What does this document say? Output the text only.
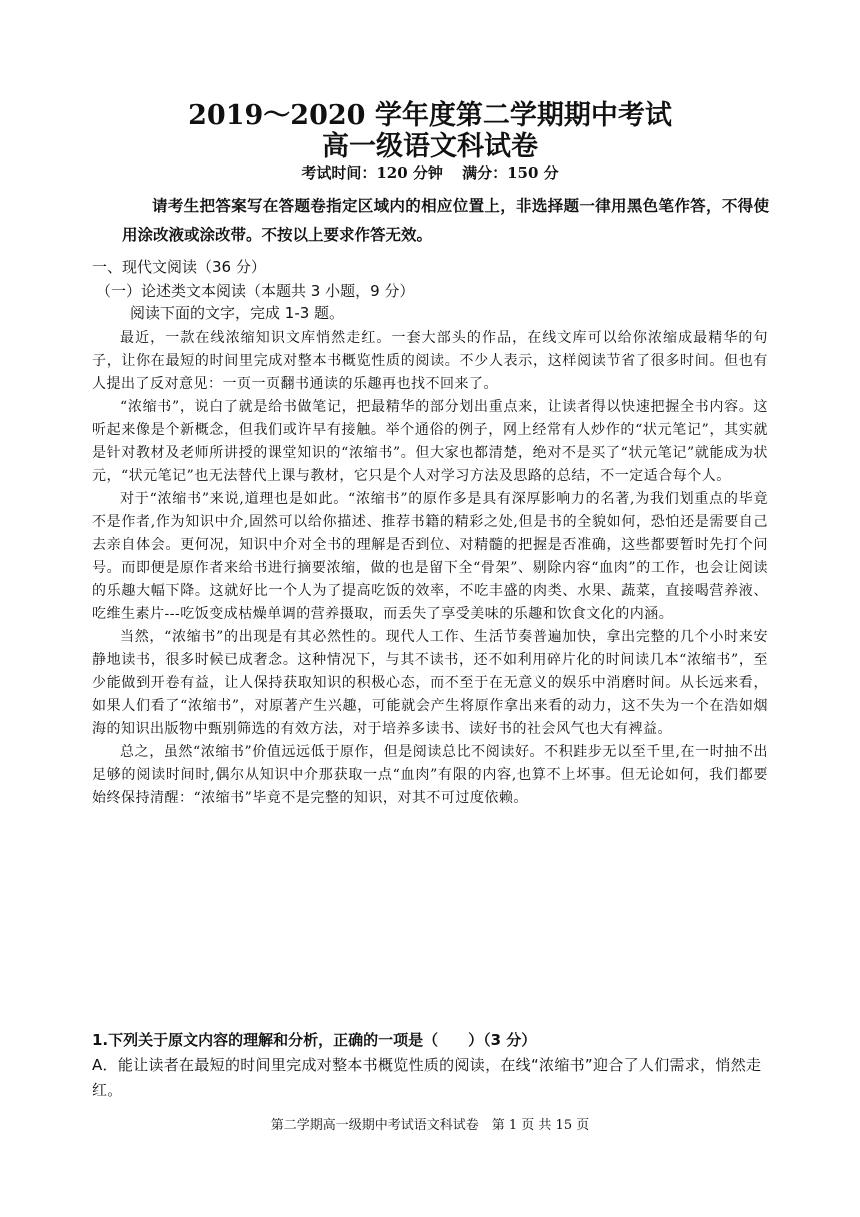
2019～2020 学年度第二学期期中考试
高一级语文科试卷
考试时间：120 分钟 满分：150 分
请考生把答案写在答题卷指定区域内的相应位置上，非选择题一律用黑色笔作答，不得使用涂改液或涂改带。不按以上要求作答无效。
一、现代文阅读（36 分）
（一）论述类文本阅读（本题共 3 小题，9 分）
阅读下面的文字，完成 1-3 题。

最近，一款在线浓缩知识文库悄然走红。一套大部头的作品，在线文库可以给你浓缩成最精华的句子，让你在最短的时间里完成对整本书概览性质的阅读。不少人表示，这样阅读节省了很多时间。但也有人提出了反对意见：一页一页翻书通读的乐趣再也找不回来了。

“浓缩书”，说白了就是给书做笔记，把最精华的部分划出重点来，让读者得以快速把握全书内容。这听起来像是个新概念，但我们或许早有接触。举个通俗的例子，网上经常有人炒作的“状元笔记”，其实就是针对教材及老师所讲授的课堂知识的“浓缩书”。但大家也都清楚，绝对不是买了“状元笔记”就能成为状元，“状元笔记”也无法替代上课与教材，它只是个人对学习方法及思路的总结，不一定适合每个人。

对于“浓缩书”来说,道理也是如此。“浓缩书”的原作多是具有深厚影响力的名著,为我们划重点的毕竟不是作者,作为知识中介,固然可以给你描述、推荐书籍的精彩之处,但是书的全貌如何，恐怕还是需要自己去亲自体会。更何况，知识中介对全书的理解是否到位、对精髓的把握是否准确，这些都要暂时先打个问号。而即便是原作者来给书进行摘要浓缩，做的也是留下全“骨架”、剔除内容“血肉”的工作，也会让阅读的乐趣大幅下降。这就好比一个人为了提高吃饭的效率，不吃丰盛的肉类、水果、蔬菜，直接喝营养液、吃维生素片---吃饭变成枯燥单调的营养摄取，而丢失了享受美味的乐趣和饮食文化的内涵。

当然，“浓缩书”的出现是有其必然性的。现代人工作、生活节奏普遍加快，拿出完整的几个小时来安静地读书，很多时候已成奢念。这种情况下，与其不读书，还不如利用碎片化的时间读几本“浓缩书”，至少能做到开卷有益，让人保持获取知识的积极心态，而不至于在无意义的娱乐中消磨时间。从长远来看，如果人们看了“浓缩书”，对原著产生兴趣，可能就会产生将原作拿出来看的动力，这不失为一个在浩如烟海的知识出版物中甄别筛选的有效方法，对于培养多读书、读好书的社会风气也大有裨益。

总之，虽然“浓缩书”价值远远低于原作，但是阅读总比不阅读好。不积跬步无以至千里,在一时抽不出足够的阅读时间时,偶尔从知识中介那获取一点“血肉”有限的内容,也算不上坏事。但无论如何，我们都要始终保持清醒：“浓缩书”毕竟不是完整的知识，对其不可过度依赖。

1.下列关于原文内容的理解和分析，正确的一项是（　　）（3 分）
A．能让读者在最短的时间里完成对整本书概览性质的阅读，在线“浓缩书”迎合了人们需求，悄然走红。
第二学期高一级期中考试语文科试卷　第 1 页 共 15 页
